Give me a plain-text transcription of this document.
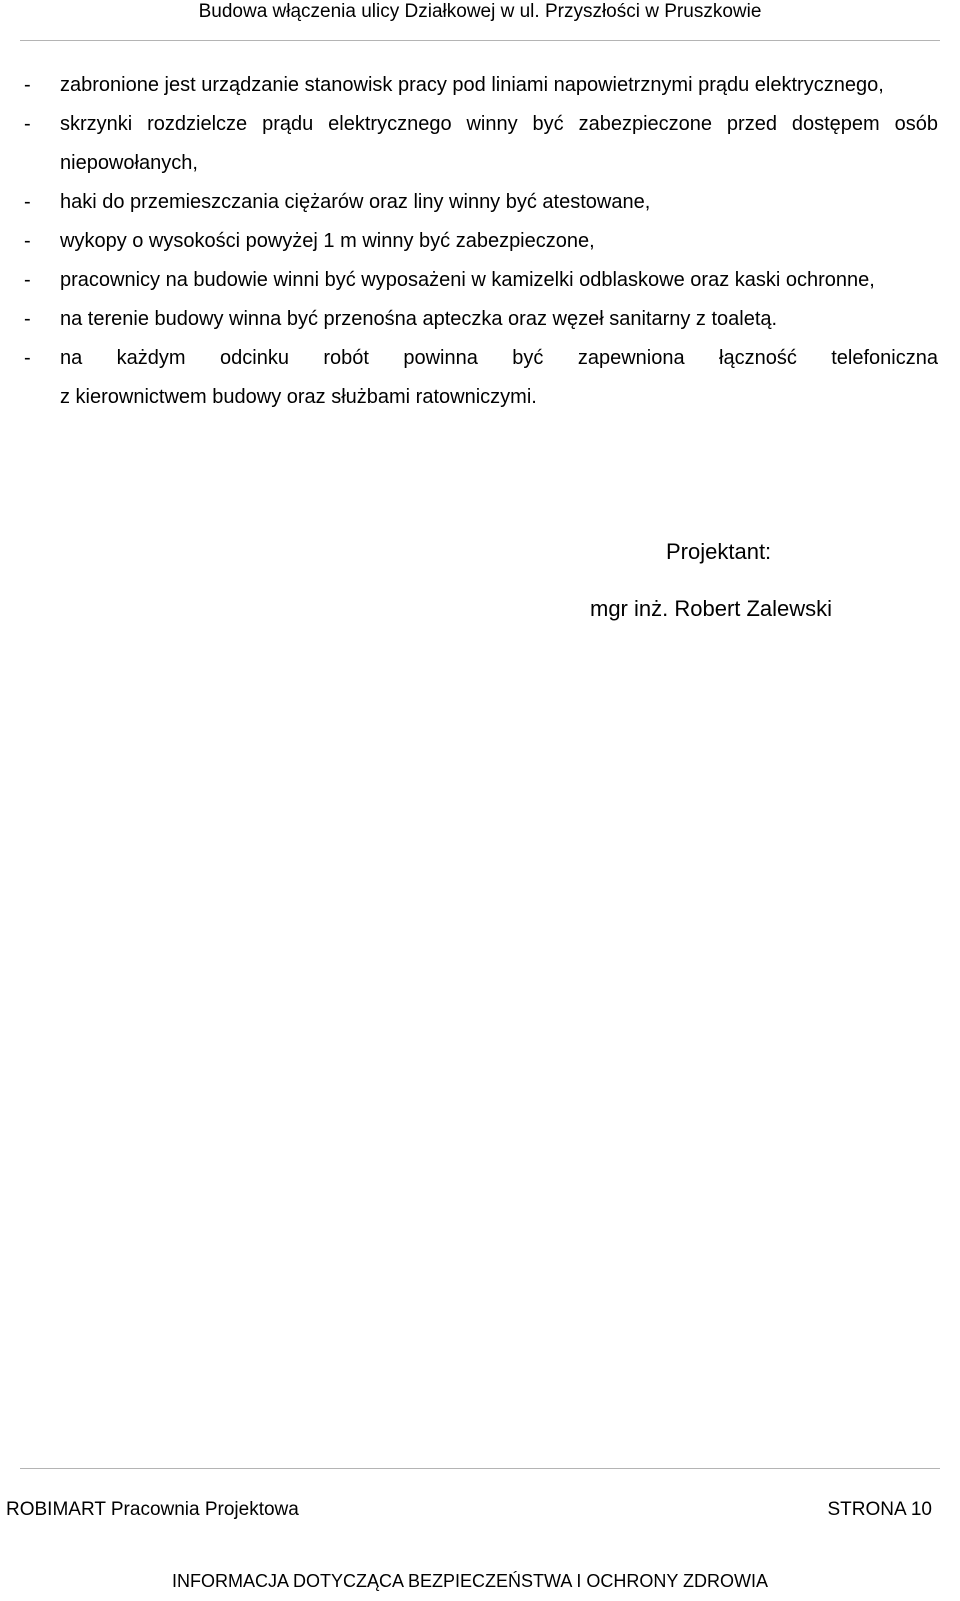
Budowa włączenia ulicy Działkowej w ul. Przyszłości w Pruszkowie
- zabronione jest urządzanie stanowisk pracy pod liniami napowietrznymi prądu elektrycznego,
- skrzynki rozdzielcze prądu elektrycznego winny być zabezpieczone przed dostępem osób niepowołanych,
- haki do przemieszczania ciężarów oraz liny winny być atestowane,
- wykopy o wysokości powyżej 1 m winny być zabezpieczone,
- pracownicy na budowie winni być wyposażeni w kamizelki odblaskowe oraz kaski ochronne,
- na terenie budowy winna być przenośna apteczka oraz węzeł sanitarny z toaletą.
- na każdym odcinku robót powinna być zapewniona łączność telefoniczna
z kierownictwem budowy oraz służbami ratowniczymi.
Projektant:
mgr inż. Robert Zalewski
ROBIMART Pracownia Projektowa	STRONA 10
INFORMACJA DOTYCZĄCA BEZPIECZEŃSTWA I OCHRONY ZDROWIA
